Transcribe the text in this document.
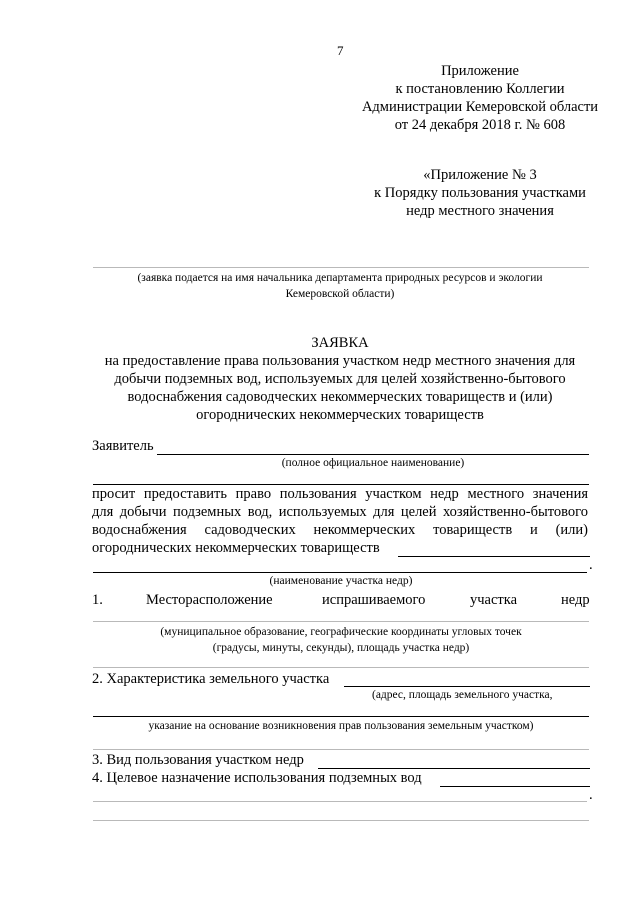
7
Приложение
к постановлению Коллегии
Администрации Кемеровской области
от 24 декабря 2018 г. № 608
«Приложение № 3
к Порядку пользования участками
недр местного значения
(заявка подается на имя начальника департамента природных ресурсов и экологии
Кемеровской области)
ЗАЯВКА
на предоставление права пользования участком недр местного значения для
добычи подземных вод, используемых для целей хозяйственно-бытового
водоснабжения садоводческих некоммерческих товариществ и (или)
огороднических некоммерческих товариществ
Заявитель
(полное официальное наименование)
просит предоставить право пользования участком недр местного значения
для добычи подземных вод, используемых для целей хозяйственно-бытового
водоснабжения садоводческих некоммерческих товариществ и (или)
огороднических некоммерческих товариществ
.
(наименование участка недр)
1.	Месторасположение	испрашиваемого	участка	недр
(муниципальное образование, географические координаты угловых точек
(градусы, минуты, секунды), площадь участка недр)
2. Характеристика земельного участка
(адрес, площадь земельного участка,
указание на основание возникновения прав пользования земельным участком)
3. Вид пользования участком недр
4. Целевое назначение использования подземных вод
.
